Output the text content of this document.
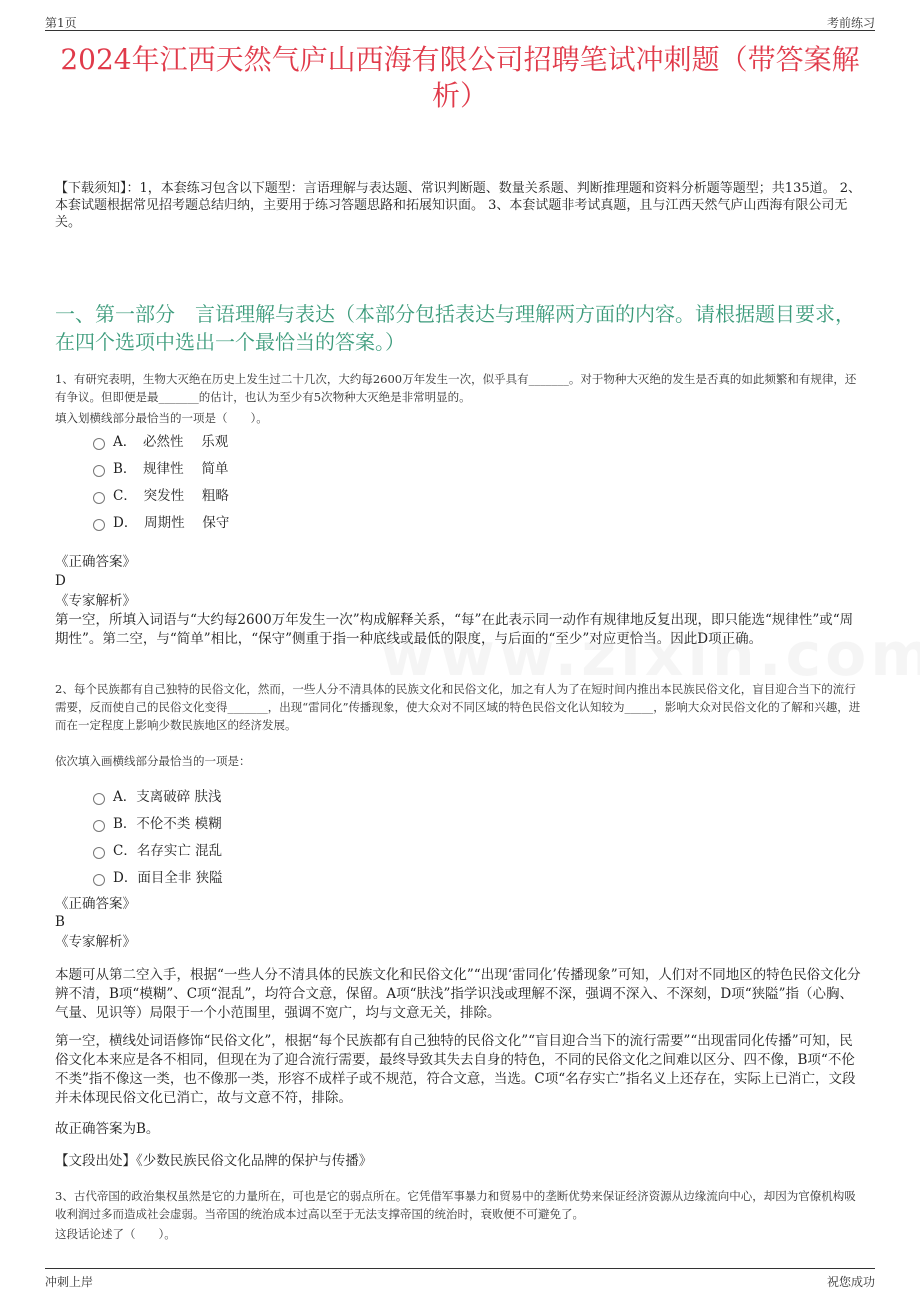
第1页	考前练习
2024年江西天然气庐山西海有限公司招聘笔试冲刺题（带答案解析）
【下载须知】：1，本套练习包含以下题型：言语理解与表达题、常识判断题、数量关系题、判断推理题和资料分析题等题型；共135道。 2、本套试题根据常见招考题总结归纳，主要用于练习答题思路和拓展知识面。 3、本套试题非考试真题，且与江西天然气庐山西海有限公司无关。
一、第一部分　言语理解与表达（本部分包括表达与理解两方面的内容。请根据题目要求，在四个选项中选出一个最恰当的答案。）
1、有研究表明，生物大灭绝在历史上发生过二十几次，大约每2600万年发生一次，似乎具有_______。对于物种大灭绝的发生是否真的如此频繁和有规律，还有争议。但即便是最_______的估计，也认为至少有5次物种大灭绝是非常明显的。
填入划横线部分最恰当的一项是（　　）。
A．　必然性　 乐观
B．　规律性　 简单
C．　突发性　 粗略
D．　周期性　 保守
《正确答案》
D
《专家解析》
第一空，所填入词语与“大约每2600万年发生一次”构成解释关系，“每”在此表示同一动作有规律地反复出现，即只能选“规律性”或“周期性”。第二空，与“简单”相比，“保守”侧重于指一种底线或最低的限度，与后面的“至少”对应更恰当。因此D项正确。
2、每个民族都有自己独特的民俗文化，然而，一些人分不清具体的民族文化和民俗文化，加之有人为了在短时间内推出本民族民俗文化，盲目迎合当下的流行需要，反而使自己的民俗文化变得_______，出现“雷同化”传播现象，使大众对不同区域的特色民俗文化认知较为_____，影响大众对民俗文化的了解和兴趣，进而在一定程度上影响少数民族地区的经济发展。
依次填入画横线部分最恰当的一项是：
A．支离破碎 肤浅
B．不伦不类 模糊
C．名存实亡 混乱
D．面目全非 狭隘
《正确答案》
B
《专家解析》
本题可从第二空入手，根据“一些人分不清具体的民族文化和民俗文化”“出现‘雷同化’传播现象”可知，人们对不同地区的特色民俗文化分辨不清，B项“模糊”、C项“混乱”，均符合文意，保留。A项“肤浅”指学识浅或理解不深，强调不深入、不深刻，D项“狭隘”指（心胸、气量、见识等）局限于一个小范围里，强调不宽广，均与文意无关，排除。
第一空，横线处词语修饰“民俗文化”，根据“每个民族都有自己独特的民俗文化”“盲目迎合当下的流行需要”“出现雷同化传播”可知，民俗文化本来应是各不相同，但现在为了迎合流行需要，最终导致其失去自身的特色，不同的民俗文化之间难以区分、四不像，B项“不伦不类”指不像这一类，也不像那一类，形容不成样子或不规范，符合文意，当选。C项“名存实亡”指名义上还存在，实际上已消亡，文段并未体现民俗文化已消亡，故与文意不符，排除。
故正确答案为B。
【文段出处】《少数民族民俗文化品牌的保护与传播》
3、古代帝国的政治集权虽然是它的力量所在，可也是它的弱点所在。它凭借军事暴力和贸易中的垄断优势来保证经济资源从边缘流向中心，却因为官僚机构吸收利润过多而造成社会虚弱。当帝国的统治成本过高以至于无法支撑帝国的统治时，衰败便不可避免了。
这段话论述了（　　）。
冲刺上岸	祝您成功
